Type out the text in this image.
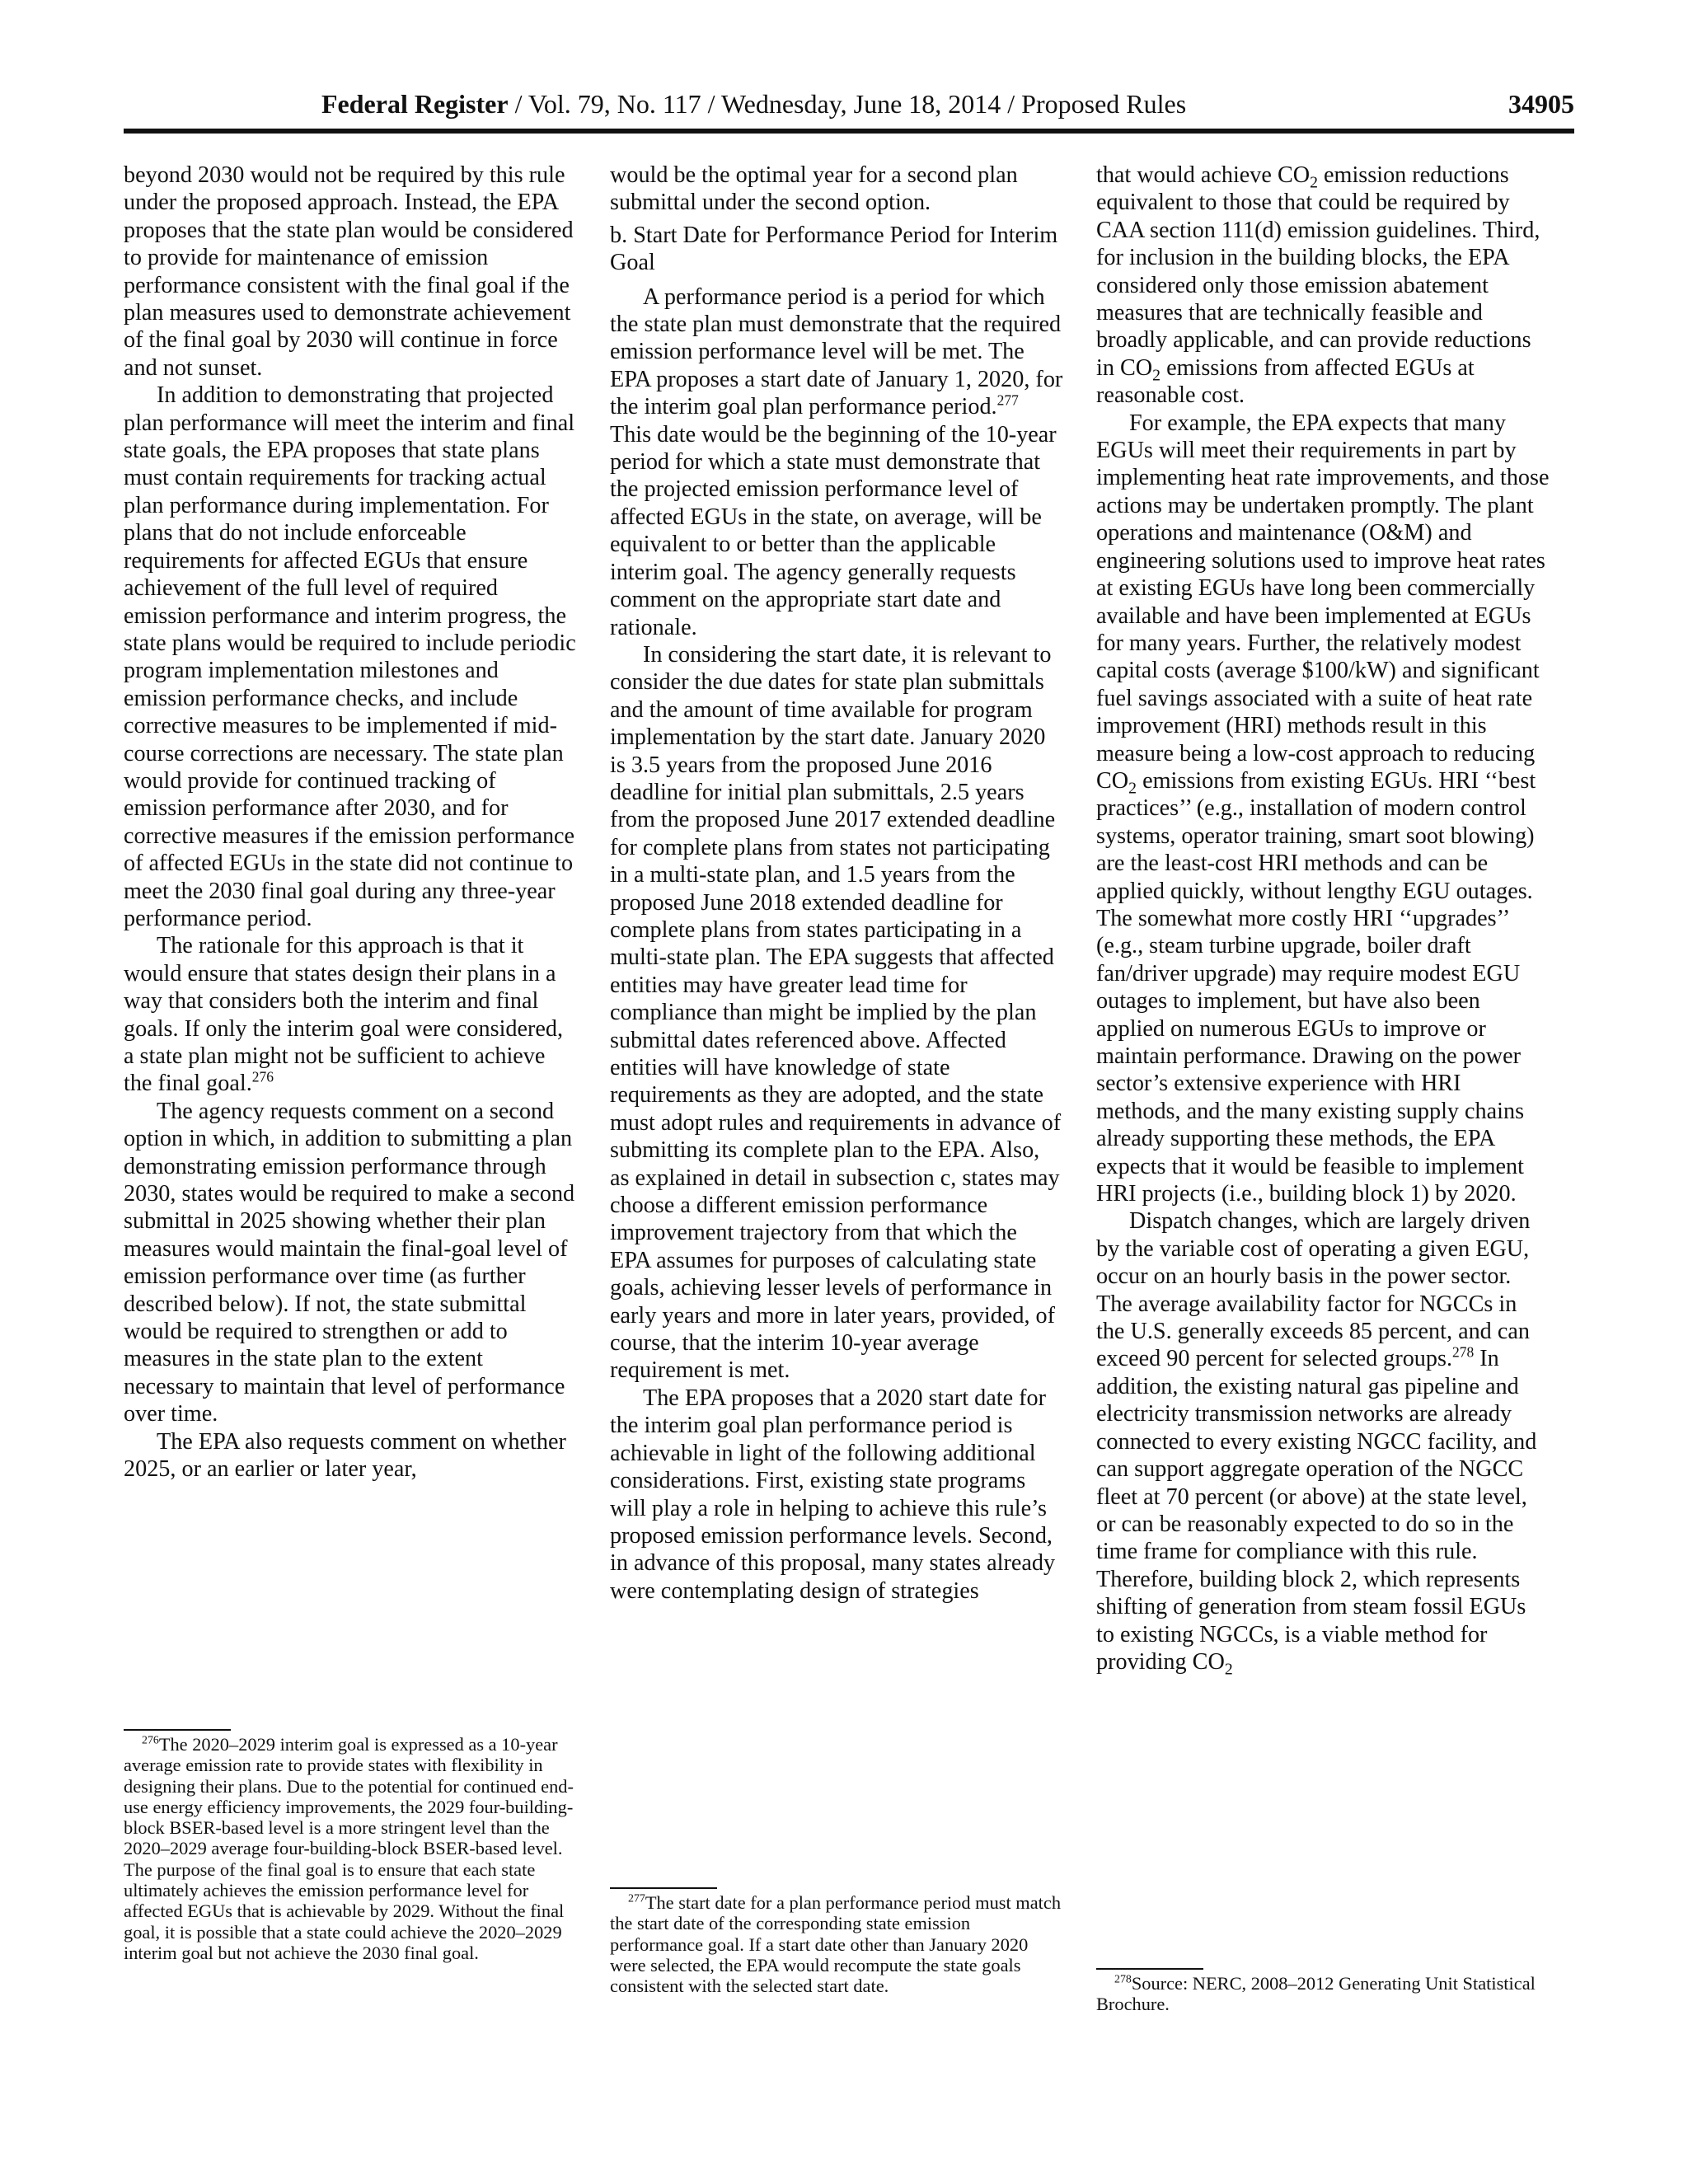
Federal Register / Vol. 79, No. 117 / Wednesday, June 18, 2014 / Proposed Rules	34905

beyond 2030 would not be required by this rule under the proposed approach. Instead, the EPA proposes that the state plan would be considered to provide for maintenance of emission performance consistent with the final goal if the plan measures used to demonstrate achievement of the final goal by 2030 will continue in force and not sunset.

In addition to demonstrating that projected plan performance will meet the interim and final state goals, the EPA proposes that state plans must contain requirements for tracking actual plan performance during implementation. For plans that do not include enforceable requirements for affected EGUs that ensure achievement of the full level of required emission performance and interim progress, the state plans would be required to include periodic program implementation milestones and emission performance checks, and include corrective measures to be implemented if mid-course corrections are necessary. The state plan would provide for continued tracking of emission performance after 2030, and for corrective measures if the emission performance of affected EGUs in the state did not continue to meet the 2030 final goal during any three-year performance period.

The rationale for this approach is that it would ensure that states design their plans in a way that considers both the interim and final goals. If only the interim goal were considered, a state plan might not be sufficient to achieve the final goal.$^{276}$

The agency requests comment on a second option in which, in addition to submitting a plan demonstrating emission performance through 2030, states would be required to make a second submittal in 2025 showing whether their plan measures would maintain the final-goal level of emission performance over time (as further described below). If not, the state submittal would be required to strengthen or add to measures in the state plan to the extent necessary to maintain that level of performance over time.

The EPA also requests comment on whether 2025, or an earlier or later year,

$^{276}$The 2020–2029 interim goal is expressed as a 10-year average emission rate to provide states with flexibility in designing their plans. Due to the potential for continued end-use energy efficiency improvements, the 2029 four-building-block BSER-based level is a more stringent level than the 2020–2029 average four-building-block BSER-based level. The purpose of the final goal is to ensure that each state ultimately achieves the emission performance level for affected EGUs that is achievable by 2029. Without the final goal, it is possible that a state could achieve the 2020–2029 interim goal but not achieve the 2030 final goal.

would be the optimal year for a second plan submittal under the second option.

b. Start Date for Performance Period for Interim Goal

A performance period is a period for which the state plan must demonstrate that the required emission performance level will be met. The EPA proposes a start date of January 1, 2020, for the interim goal plan performance period.$^{277}$ This date would be the beginning of the 10-year period for which a state must demonstrate that the projected emission performance level of affected EGUs in the state, on average, will be equivalent to or better than the applicable interim goal. The agency generally requests comment on the appropriate start date and rationale.

In considering the start date, it is relevant to consider the due dates for state plan submittals and the amount of time available for program implementation by the start date. January 2020 is 3.5 years from the proposed June 2016 deadline for initial plan submittals, 2.5 years from the proposed June 2017 extended deadline for complete plans from states not participating in a multi-state plan, and 1.5 years from the proposed June 2018 extended deadline for complete plans from states participating in a multi-state plan. The EPA suggests that affected entities may have greater lead time for compliance than might be implied by the plan submittal dates referenced above. Affected entities will have knowledge of state requirements as they are adopted, and the state must adopt rules and requirements in advance of submitting its complete plan to the EPA. Also, as explained in detail in subsection c, states may choose a different emission performance improvement trajectory from that which the EPA assumes for purposes of calculating state goals, achieving lesser levels of performance in early years and more in later years, provided, of course, that the interim 10-year average requirement is met.

The EPA proposes that a 2020 start date for the interim goal plan performance period is achievable in light of the following additional considerations. First, existing state programs will play a role in helping to achieve this rule’s proposed emission performance levels. Second, in advance of this proposal, many states already were contemplating design of strategies

$^{277}$The start date for a plan performance period must match the start date of the corresponding state emission performance goal. If a start date other than January 2020 were selected, the EPA would recompute the state goals consistent with the selected start date.

that would achieve $CO_2$ emission reductions equivalent to those that could be required by CAA section 111(d) emission guidelines. Third, for inclusion in the building blocks, the EPA considered only those emission abatement measures that are technically feasible and broadly applicable, and can provide reductions in $CO_2$ emissions from affected EGUs at reasonable cost.

For example, the EPA expects that many EGUs will meet their requirements in part by implementing heat rate improvements, and those actions may be undertaken promptly. The plant operations and maintenance (O&M) and engineering solutions used to improve heat rates at existing EGUs have long been commercially available and have been implemented at EGUs for many years. Further, the relatively modest capital costs (average $100/kW) and significant fuel savings associated with a suite of heat rate improvement (HRI) methods result in this measure being a low-cost approach to reducing $CO_2$ emissions from existing EGUs. HRI ‘‘best practices’’ (e.g., installation of modern control systems, operator training, smart soot blowing) are the least-cost HRI methods and can be applied quickly, without lengthy EGU outages. The somewhat more costly HRI ‘‘upgrades’’ (e.g., steam turbine upgrade, boiler draft fan/driver upgrade) may require modest EGU outages to implement, but have also been applied on numerous EGUs to improve or maintain performance. Drawing on the power sector’s extensive experience with HRI methods, and the many existing supply chains already supporting these methods, the EPA expects that it would be feasible to implement HRI projects (i.e., building block 1) by 2020.

Dispatch changes, which are largely driven by the variable cost of operating a given EGU, occur on an hourly basis in the power sector. The average availability factor for NGCCs in the U.S. generally exceeds 85 percent, and can exceed 90 percent for selected groups.$^{278}$ In addition, the existing natural gas pipeline and electricity transmission networks are already connected to every existing NGCC facility, and can support aggregate operation of the NGCC fleet at 70 percent (or above) at the state level, or can be reasonably expected to do so in the time frame for compliance with this rule. Therefore, building block 2, which represents shifting of generation from steam fossil EGUs to existing NGCCs, is a viable method for providing $CO_2$

$^{278}$Source: NERC, 2008–2012 Generating Unit Statistical Brochure.
